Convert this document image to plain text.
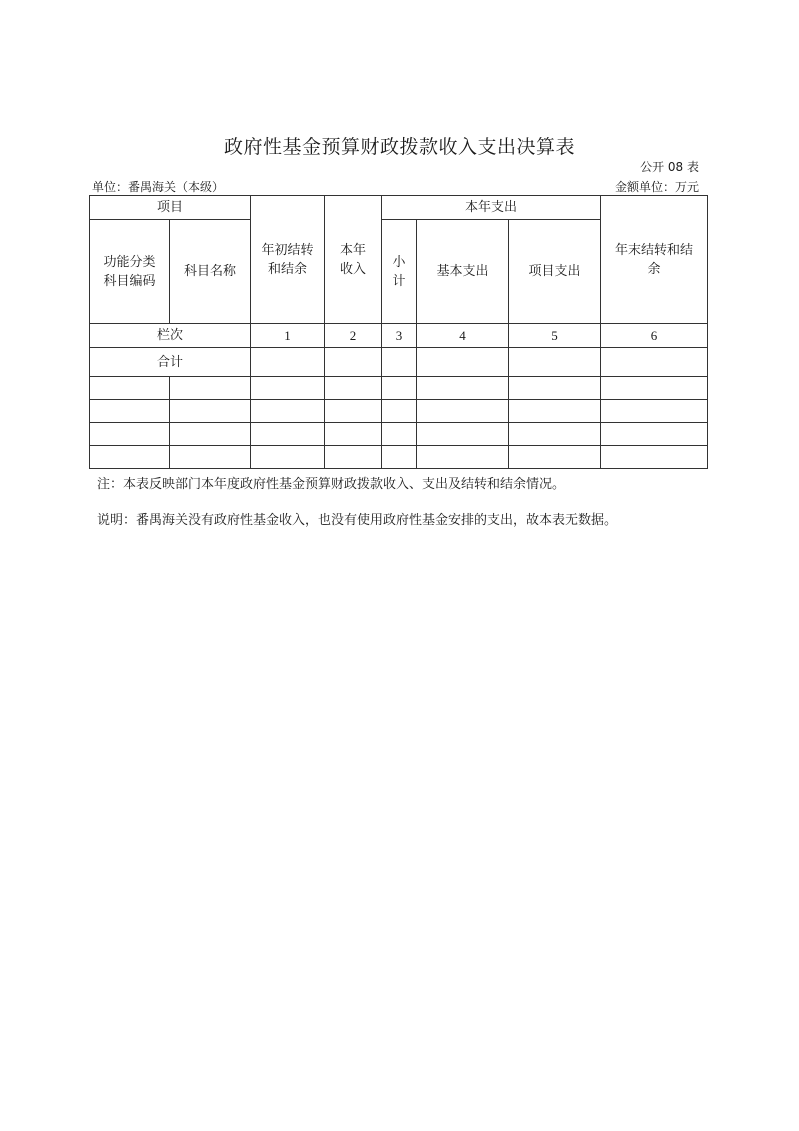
政府性基金预算财政拨款收入支出决算表
公开 08 表
单位：番禺海关（本级）	金额单位：万元
项目		年初结转和结余	本年收入	本年支出			年末结转和结余

功能分类科目编码	科目名称			小计	基本支出	项目支出	
栏次		1	2	3	4	5	6
合计							

注：本表反映部门本年度政府性基金预算财政拨款收入、支出及结转和结余情况。
说明：番禺海关没有政府性基金收入，也没有使用政府性基金安排的支出，故本表无数据。
